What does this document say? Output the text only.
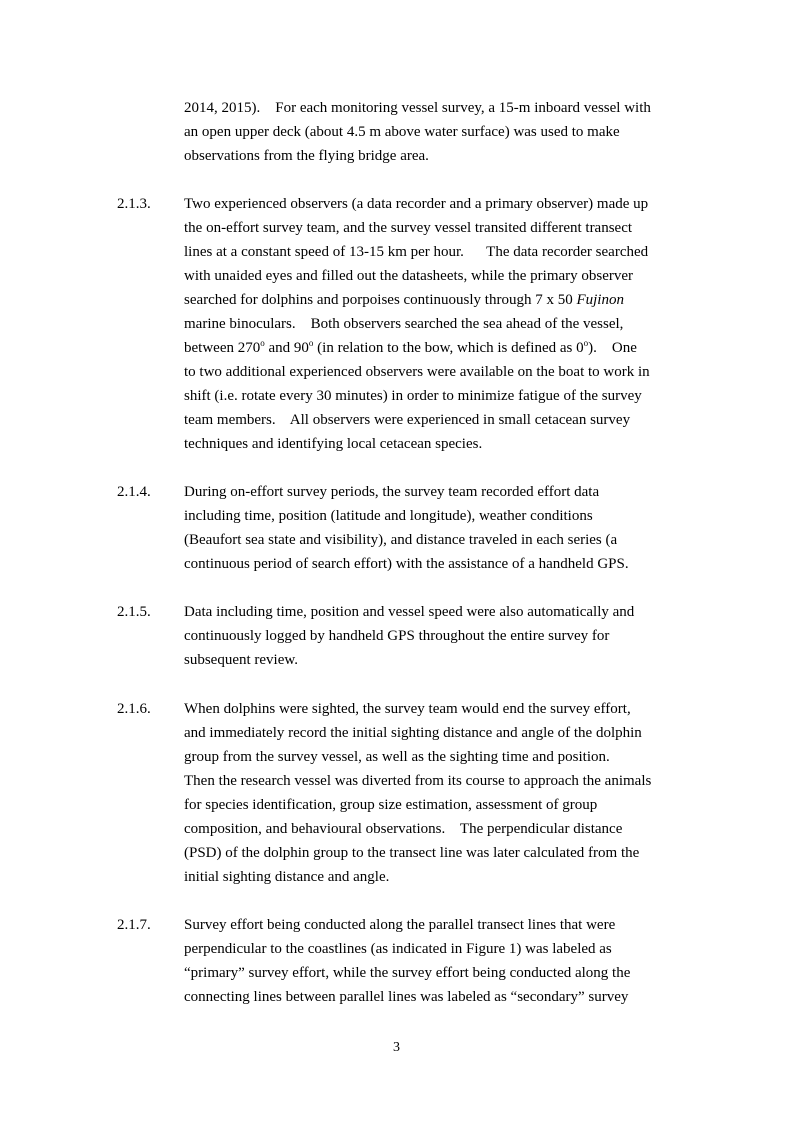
2014, 2015).    For each monitoring vessel survey, a 15-m inboard vessel with
an open upper deck (about 4.5 m above water surface) was used to make
observations from the flying bridge area.
2.1.3. Two experienced observers (a data recorder and a primary observer) made up
the on-effort survey team, and the survey vessel transited different transect
lines at a constant speed of 13-15 km per hour.      The data recorder searched
with unaided eyes and filled out the datasheets, while the primary observer
searched for dolphins and porpoises continuously through 7 x 50 Fujinon
marine binoculars.    Both observers searched the sea ahead of the vessel,
between 270$^o$ and 90$^o$ (in relation to the bow, which is defined as 0$^o$).    One
to two additional experienced observers were available on the boat to work in
shift (i.e. rotate every 30 minutes) in order to minimize fatigue of the survey
team members.    All observers were experienced in small cetacean survey
techniques and identifying local cetacean species.
2.1.4. During on-effort survey periods, the survey team recorded effort data
including time, position (latitude and longitude), weather conditions
(Beaufort sea state and visibility), and distance traveled in each series (a
continuous period of search effort) with the assistance of a handheld GPS.
2.1.5. Data including time, position and vessel speed were also automatically and
continuously logged by handheld GPS throughout the entire survey for
subsequent review.
2.1.6. When dolphins were sighted, the survey team would end the survey effort,
and immediately record the initial sighting distance and angle of the dolphin
group from the survey vessel, as well as the sighting time and position.
Then the research vessel was diverted from its course to approach the animals
for species identification, group size estimation, assessment of group
composition, and behavioural observations.    The perpendicular distance
(PSD) of the dolphin group to the transect line was later calculated from the
initial sighting distance and angle.
2.1.7. Survey effort being conducted along the parallel transect lines that were
perpendicular to the coastlines (as indicated in Figure 1) was labeled as
“primary” survey effort, while the survey effort being conducted along the
connecting lines between parallel lines was labeled as “secondary” survey
3
